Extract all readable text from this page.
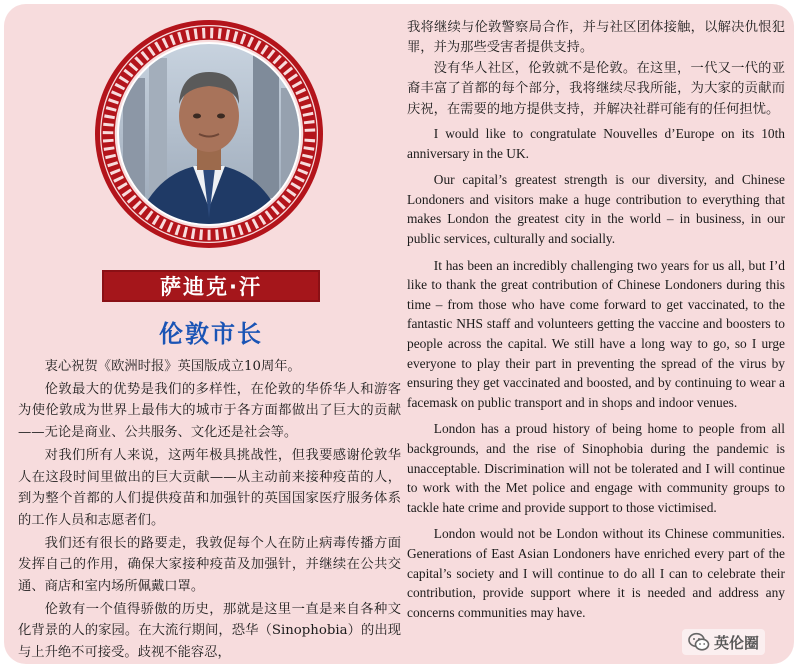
萨迪克·汗
伦敦市长

衷心祝贺《欧洲时报》英国版成立10周年。

伦敦最大的优势是我们的多样性，在伦敦的华侨华人和游客为使伦敦成为世界上最伟大的城市于各方面都做出了巨大的贡献——无论是商业、公共服务、文化还是社会等。

对我们所有人来说，这两年极具挑战性，但我要感谢伦敦华人在这段时间里做出的巨大贡献——从主动前来接种疫苗的人，到为整个首都的人们提供疫苗和加强针的英国国家医疗服务体系的工作人员和志愿者们。

我们还有很长的路要走，我敦促每个人在防止病毒传播方面发挥自己的作用，确保大家接种疫苗及加强针，并继续在公共交通、商店和室内场所佩戴口罩。

伦敦有一个值得骄傲的历史，那就是这里一直是来自各种文化背景的人的家园。在大流行期间，恐华（Sinophobia）的出现与上升绝不可接受。歧视不能容忍，

我将继续与伦敦警察局合作，并与社区团体接触，以解决仇恨犯罪，并为那些受害者提供支持。

没有华人社区，伦敦就不是伦敦。在这里，一代又一代的亚裔丰富了首都的每个部分，我将继续尽我所能，为大家的贡献而庆祝，在需要的地方提供支持，并解决社群可能有的任何担忧。

I would like to congratulate Nouvelles d’Europe on its 10th anniversary in the UK.

Our capital’s greatest strength is our diversity, and Chinese Londoners and visitors make a huge contribution to everything that makes London the greatest city in the world – in business, in our public services, culturally and socially.

It has been an incredibly challenging two years for us all, but I’d like to thank the great contribution of Chinese Londoners during this time – from those who have come forward to get vaccinated, to the fantastic NHS staff and volunteers getting the vaccine and boosters to people across the capital. We still have a long way to go, so I urge everyone to play their part in preventing the spread of the virus by ensuring they get vaccinated and boosted, and by continuing to wear a facemask on public transport and in shops and indoor venues.

London has a proud history of being home to people from all backgrounds, and the rise of Sinophobia during the pandemic is unacceptable. Discrimination will not be tolerated and I will continue to work with the Met police and engage with community groups to tackle hate crime and provide support to those victimised.

London would not be London without its Chinese communities. Generations of East Asian Londoners have enriched every part of the capital’s society and I will continue to do all I can to celebrate their contribution, provide support where it is needed and address any concerns communities may have.

英伦圈
